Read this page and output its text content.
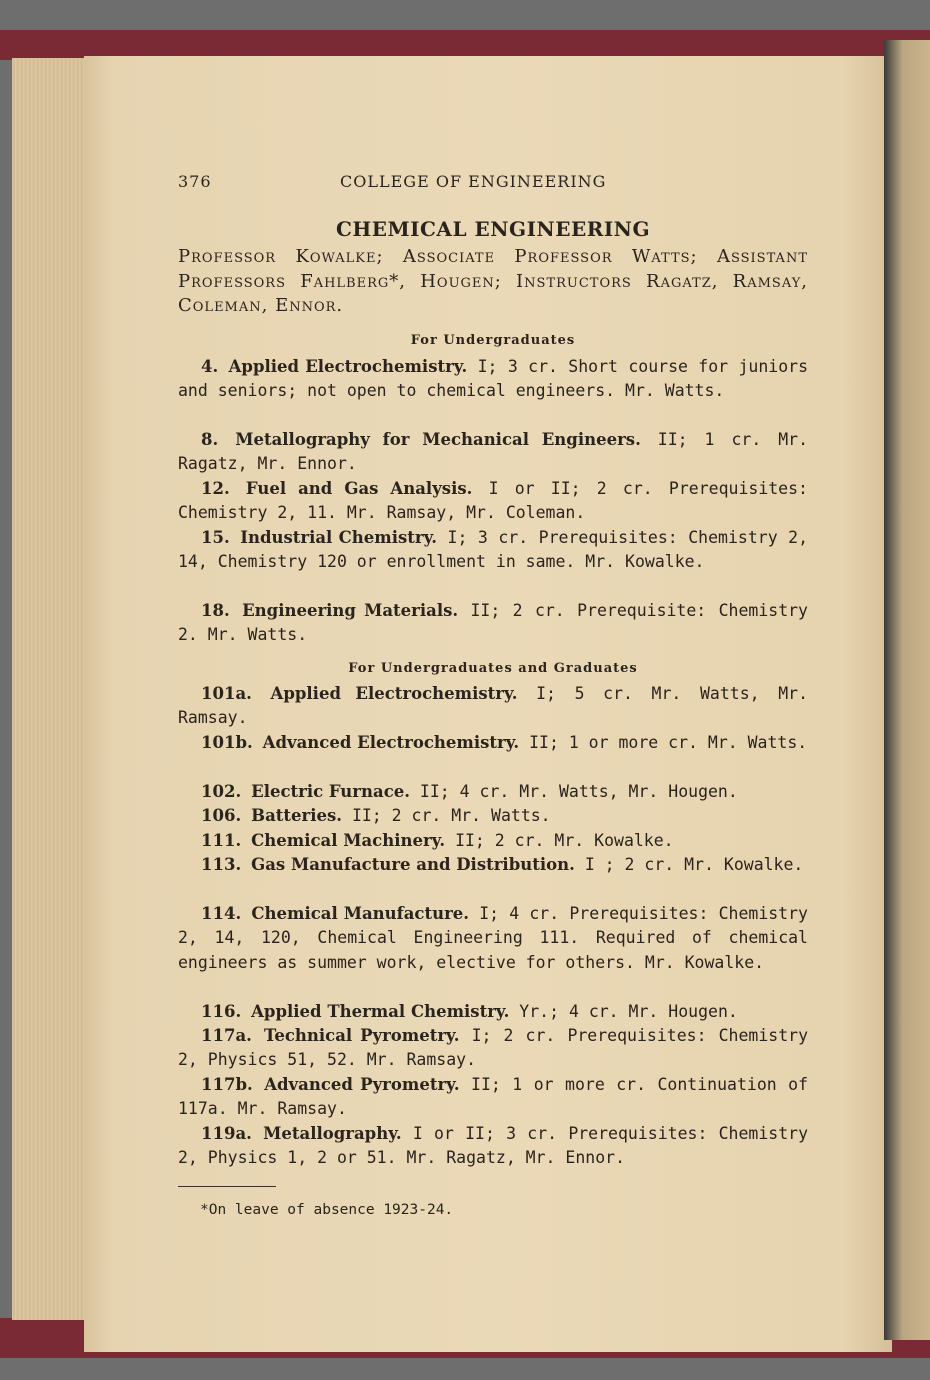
376	COLLEGE OF ENGINEERING
CHEMICAL ENGINEERING
Professor Kowalke; Associate Professor Watts; Assistant Professors Fahlberg*, Hougen; Instructors Ragatz, Ramsay, Coleman, Ennor.
For Undergraduates
4. Applied Electrochemistry. I; 3 cr. Short course for juniors and seniors; not open to chemical engineers. Mr. Watts.
8. Metallography for Mechanical Engineers. II; 1 cr. Mr. Ragatz, Mr. Ennor.
12. Fuel and Gas Analysis. I or II; 2 cr. Prerequisites: Chemistry 2, 11. Mr. Ramsay, Mr. Coleman.
15. Industrial Chemistry. I; 3 cr. Prerequisites: Chemistry 2, 14, Chemistry 120 or enrollment in same. Mr. Kowalke.
18. Engineering Materials. II; 2 cr. Prerequisite: Chemistry 2. Mr. Watts.
For Undergraduates and Graduates
101a. Applied Electrochemistry. I; 5 cr. Mr. Watts, Mr. Ramsay.
101b. Advanced Electrochemistry. II; 1 or more cr. Mr. Watts.
102. Electric Furnace. II; 4 cr. Mr. Watts, Mr. Hougen.
106. Batteries. II; 2 cr. Mr. Watts.
111. Chemical Machinery. II; 2 cr. Mr. Kowalke.
113. Gas Manufacture and Distribution. I ; 2 cr. Mr. Kowalke.
114. Chemical Manufacture. I; 4 cr. Prerequisites: Chemistry 2, 14, 120, Chemical Engineering 111. Required of chemical engineers as summer work, elective for others. Mr. Kowalke.
116. Applied Thermal Chemistry. Yr.; 4 cr. Mr. Hougen.
117a. Technical Pyrometry. I; 2 cr. Prerequisites: Chemistry 2, Physics 51, 52. Mr. Ramsay.
117b. Advanced Pyrometry. II; 1 or more cr. Continuation of 117a. Mr. Ramsay.
119a. Metallography. I or II; 3 cr. Prerequisites: Chemistry 2, Physics 1, 2 or 51. Mr. Ragatz, Mr. Ennor.
*On leave of absence 1923-24.
